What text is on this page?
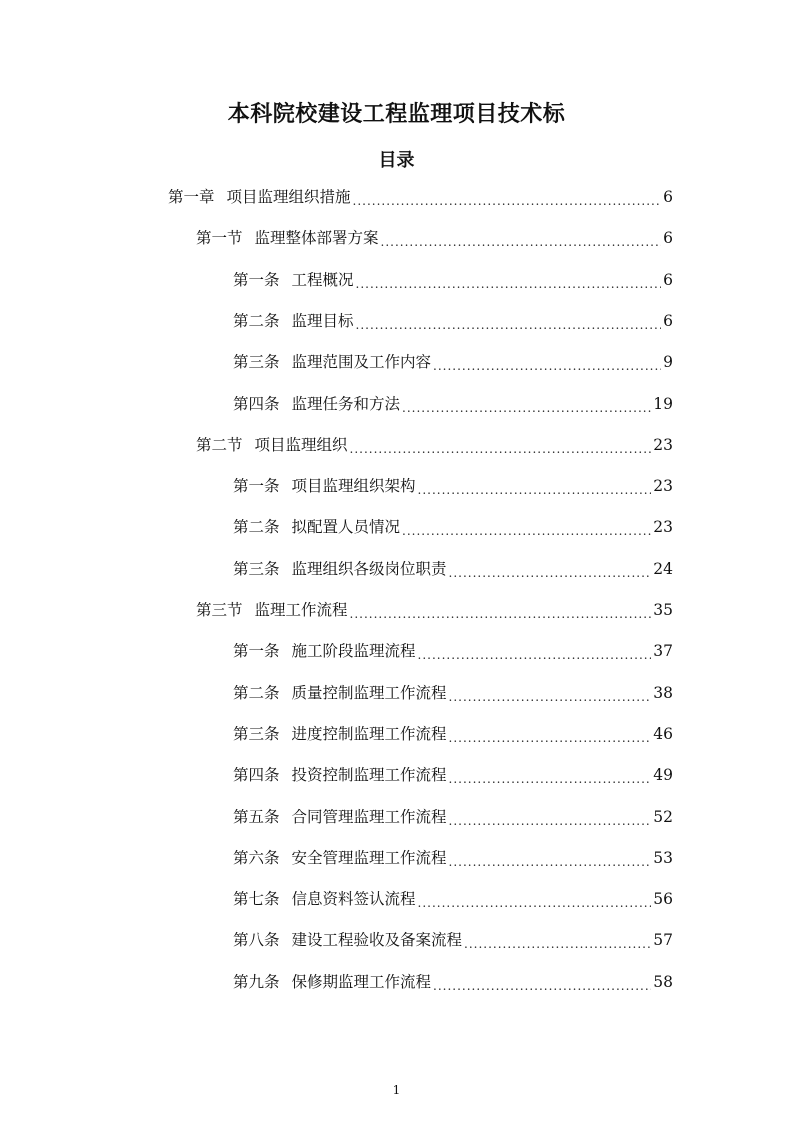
本科院校建设工程监理项目技术标
目录
第一章 项目监理组织措施 .....	6
第一节 监理整体部署方案 .....	6
第一条 工程概况 .....	6
第二条 监理目标 .....	6
第三条 监理范围及工作内容 .....	9
第四条 监理任务和方法 .....	19
第二节 项目监理组织 .....	23
第一条 项目监理组织架构 .....	23
第二条 拟配置人员情况 .....	23
第三条 监理组织各级岗位职责 .....	24
第三节 监理工作流程 .....	35
第一条 施工阶段监理流程 .....	37
第二条 质量控制监理工作流程 .....	38
第三条 进度控制监理工作流程 .....	46
第四条 投资控制监理工作流程 .....	49
第五条 合同管理监理工作流程 .....	52
第六条 安全管理监理工作流程 .....	53
第七条 信息资料签认流程 .....	56
第八条 建设工程验收及备案流程 .....	57
第九条 保修期监理工作流程 .....	58
1
